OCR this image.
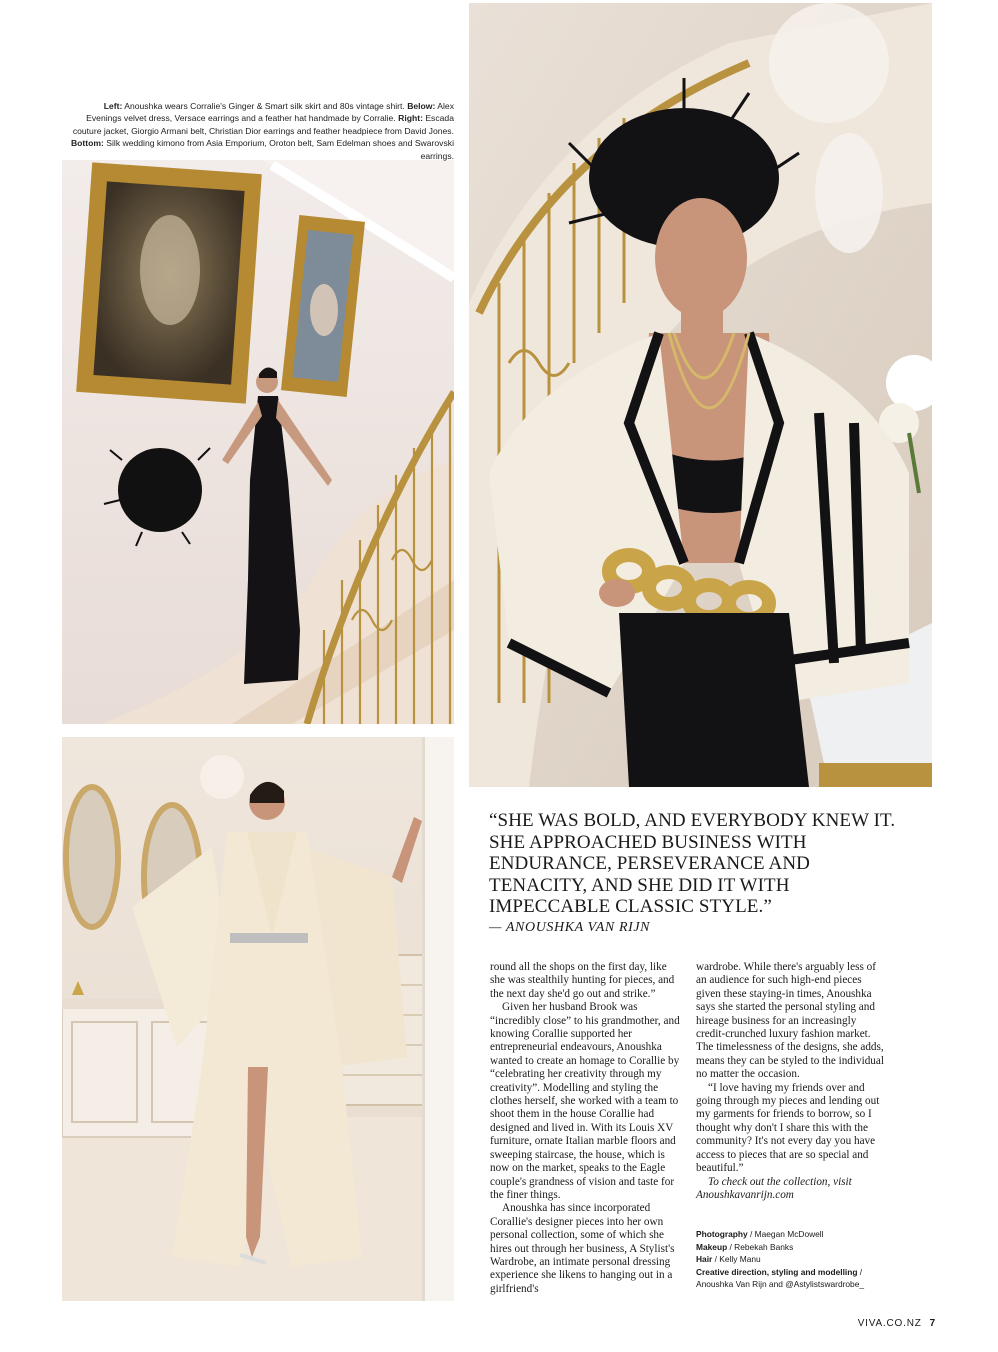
Left: Anoushka wears Corralie's Ginger & Smart silk skirt and 80s vintage shirt. Below: Alex Evenings velvet dress, Versace earrings and a feather hat handmade by Corralie. Right: Escada couture jacket, Giorgio Armani belt, Christian Dior earrings and feather headpiece from David Jones. Bottom: Silk wedding kimono from Asia Emporium, Oroton belt, Sam Edelman shoes and Swarovski earrings.
“SHE WAS BOLD, AND EVERYBODY KNEW IT. SHE APPROACHED BUSINESS WITH ENDURANCE, PERSEVERANCE AND TENACITY, AND SHE DID IT WITH IMPECCABLE CLASSIC STYLE.”
— ANOUSHKA VAN RIJN

round all the shops on the first day, like she was stealthily hunting for pieces, and the next day she'd go out and strike.”

Given her husband Brook was “incredibly close” to his grandmother, and knowing Corallie supported her entrepreneurial endeavours, Anoushka wanted to create an homage to Corallie by “celebrating her creativity through my creativity”. Modelling and styling the clothes herself, she worked with a team to shoot them in the house Corallie had designed and lived in. With its Louis XV furniture, ornate Italian marble floors and sweeping staircase, the house, which is now on the market, speaks to the Eagle couple's grandness of vision and taste for the finer things.

Anoushka has since incorporated Corallie's designer pieces into her own personal collection, some of which she hires out through her business, A Stylist's Wardrobe, an intimate personal dressing experience she likens to hanging out in a girlfriend's

wardrobe. While there's arguably less of an audience for such high-end pieces given these staying-in times, Anoushka says she started the personal styling and hireage business for an increasingly credit-crunched luxury fashion market. The timelessness of the designs, she adds, means they can be styled to the individual no matter the occasion.

“I love having my friends over and going through my pieces and lending out my garments for friends to borrow, so I thought why don't I share this with the community? It's not every day you have access to pieces that are so special and beautiful.”

To check out the collection, visit Anoushkavanrijn.com

Photography / Maegan McDowell
Makeup / Rebekah Banks
Hair / Kelly Manu
Creative direction, styling and modelling /
Anoushka Van Rijn and @Astylistswardrobe_
VIVA.CO.NZ 7
